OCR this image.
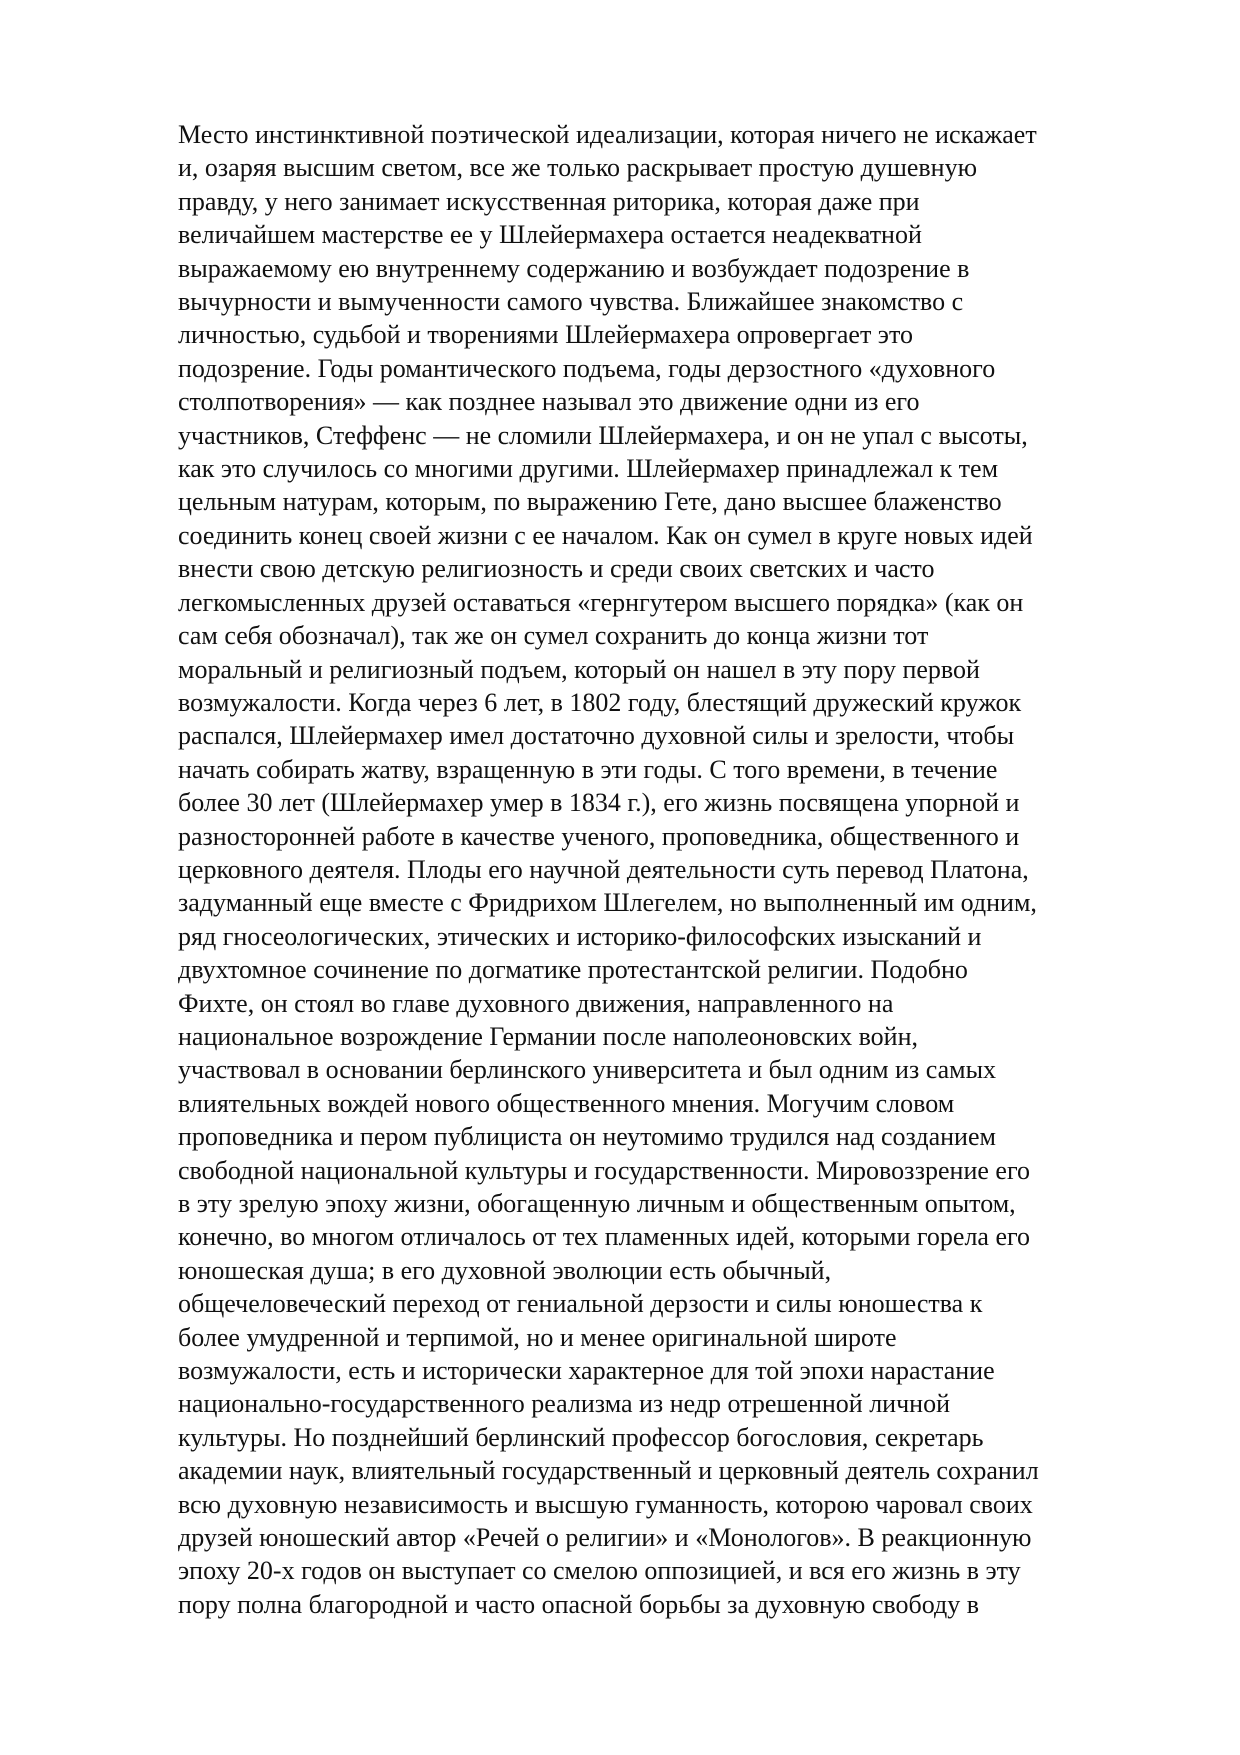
Место инстинктивной поэтической идеализации, которая ничего не искажает
и, озаряя высшим светом, все же только раскрывает простую душевную
правду, у него занимает искусственная риторика, которая даже при
величайшем мастерстве ее у Шлейермахера остается неадекватной
выражаемому ею внутреннему содержанию и возбуждает подозрение в
вычурности и вымученности самого чувства. Ближайшее знакомство с
личностью, судьбой и творениями Шлейермахера опровергает это
подозрение. Годы романтического подъема, годы дерзостного «духовного
столпотворения» — как позднее называл это движение одни из его
участников, Стеффенс — не сломили Шлейермахера, и он не упал с высоты,
как это случилось со многими другими. Шлейермахер принадлежал к тем
цельным натурам, которым, по выражению Гете, дано высшее блаженство
соединить конец своей жизни с ее началом. Как он сумел в круге новых идей
внести свою детскую религиозность и среди своих светских и часто
легкомысленных друзей оставаться «гернгутером высшего порядка» (как он
сам себя обозначал), так же он сумел сохранить до конца жизни тот
моральный и религиозный подъем, который он нашел в эту пору первой
возмужалости. Когда через 6 лет, в 1802 году, блестящий дружеский кружок
распался, Шлейермахер имел достаточно духовной силы и зрелости, чтобы
начать собирать жатву, взращенную в эти годы. С того времени, в течение
более 30 лет (Шлейермахер умер в 1834 г.), его жизнь посвящена упорной и
разносторонней работе в качестве ученого, проповедника, общественного и
церковного деятеля. Плоды его научной деятельности суть перевод Платона,
задуманный еще вместе с Фридрихом Шлегелем, но выполненный им одним,
ряд гносеологических, этических и историко-философских изысканий и
двухтомное сочинение по догматике протестантской религии. Подобно
Фихте, он стоял во главе духовного движения, направленного на
национальное возрождение Германии после наполеоновских войн,
участвовал в основании берлинского университета и был одним из самых
влиятельных вождей нового общественного мнения. Могучим словом
проповедника и пером публициста он неутомимо трудился над созданием
свободной национальной культуры и государственности. Мировоззрение его
в эту зрелую эпоху жизни, обогащенную личным и общественным опытом,
конечно, во многом отличалось от тех пламенных идей, которыми горела его
юношеская душа; в его духовной эволюции есть обычный,
общечеловеческий переход от гениальной дерзости и силы юношества к
более умудренной и терпимой, но и менее оригинальной широте
возмужалости, есть и исторически характерное для той эпохи нарастание
национально-государственного реализма из недр отрешенной личной
культуры. Но позднейший берлинский профессор богословия, секретарь
академии наук, влиятельный государственный и церковный деятель сохранил
всю духовную независимость и высшую гуманность, которою чаровал своих
друзей юношеский автор «Речей о религии» и «Монологов». В реакционную
эпоху 20-х годов он выступает со смелою оппозицией, и вся его жизнь в эту
пору полна благородной и часто опасной борьбы за духовную свободу в
